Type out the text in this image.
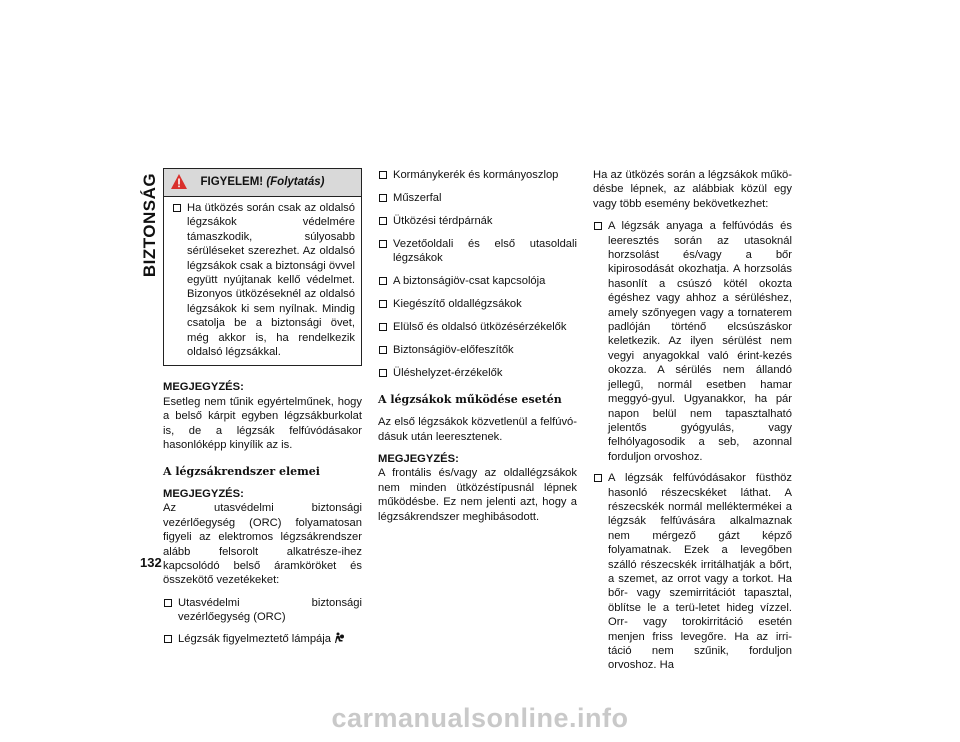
BIZTONSÁG	FIGYELEM! (Folytatás)
Ha ütközés során csak az oldalsó légzsákok védelmére támaszkodik, súlyosabb sérüléseket szerezhet. Az oldalsó légzsákok csak a biztonsági övvel együtt nyújtanak kellő védelmet. Bizonyos ütközéseknél az oldalsó légzsákok ki sem nyílnak. Mindig csatolja be a biztonsági övet, még akkor is, ha rendelkezik oldalsó légzsákkal.
MEGJEGYZÉS:

Esetleg nem tűnik egyértelműnek, hogy a belső kárpit egyben légzsákburkolat is, de a légzsák felfúvódásakor hasonlóképp kinyílik az is.

A légzsákrendszer elemei
MEGJEGYZÉS:

Az utasvédelmi biztonsági vezérlőegység (ORC) folyamatosan figyeli az elektromos légzsákrendszer alább felsorolt alkatrésze-ihez kapcsolódó belső áramköröket és összekötő vezetékeket:

Utasvédelmi biztonsági vezérlőegység (ORC)
Légzsák figyelmeztető lámpája
Kormánykerék és kormányoszlop
Műszerfal
Ütközési térdpárnák
Vezetőoldali és első utasoldali légzsákok
A biztonságiöv-csat kapcsolója
Kiegészítő oldallégzsákok
Elülső és oldalsó ütközésérzékelők
Biztonságiöv-előfeszítők
Üléshelyzet-érzékelők
A légzsákok működése esetén

Az első légzsákok közvetlenül a felfúvó-dásuk után leeresztenek.

MEGJEGYZÉS:

A frontális és/vagy az oldallégzsákok nem minden ütközéstípusnál lépnek működésbe. Ez nem jelenti azt, hogy a légzsákrendszer meghibásodott.

Ha az ütközés során a légzsákok műkö-désbe lépnek, az alábbiak közül egy vagy több esemény bekövetkezhet:

A légzsák anyaga a felfúvódás és leeresztés során az utasoknál horzsolást és/vagy a bőr kipirosodását okozhatja. A horzsolás hasonlít a csúszó kötél okozta égéshez vagy ahhoz a sérüléshez, amely szőnyegen vagy a tornaterem padlóján történő elcsúszáskor keletkezik. Az ilyen sérülést nem vegyi anyagokkal való érint-kezés okozza. A sérülés nem állandó jellegű, normál esetben hamar meggyó-gyul. Ugyanakkor, ha pár napon belül nem tapasztalható jelentős gyógyulás, vagy felhólyagosodik a seb, azonnal forduljon orvoshoz.
A légzsák felfúvódásakor füsthöz hasonló részecskéket láthat. A részecskék normál melléktermékei a légzsák felfúvására alkalmaznak nem mérgező gázt képző folyamatnak. Ezek a levegőben szálló részecskék irritálhatják a bőrt, a szemet, az orrot vagy a torkot. Ha bőr- vagy szemirritációt tapasztal, öblítse le a terü-letet hideg vízzel. Orr- vagy torokirritáció esetén menjen friss levegőre. Ha az irri-táció nem szűnik, forduljon orvoshoz. Ha
132
carmanualsonline.info
